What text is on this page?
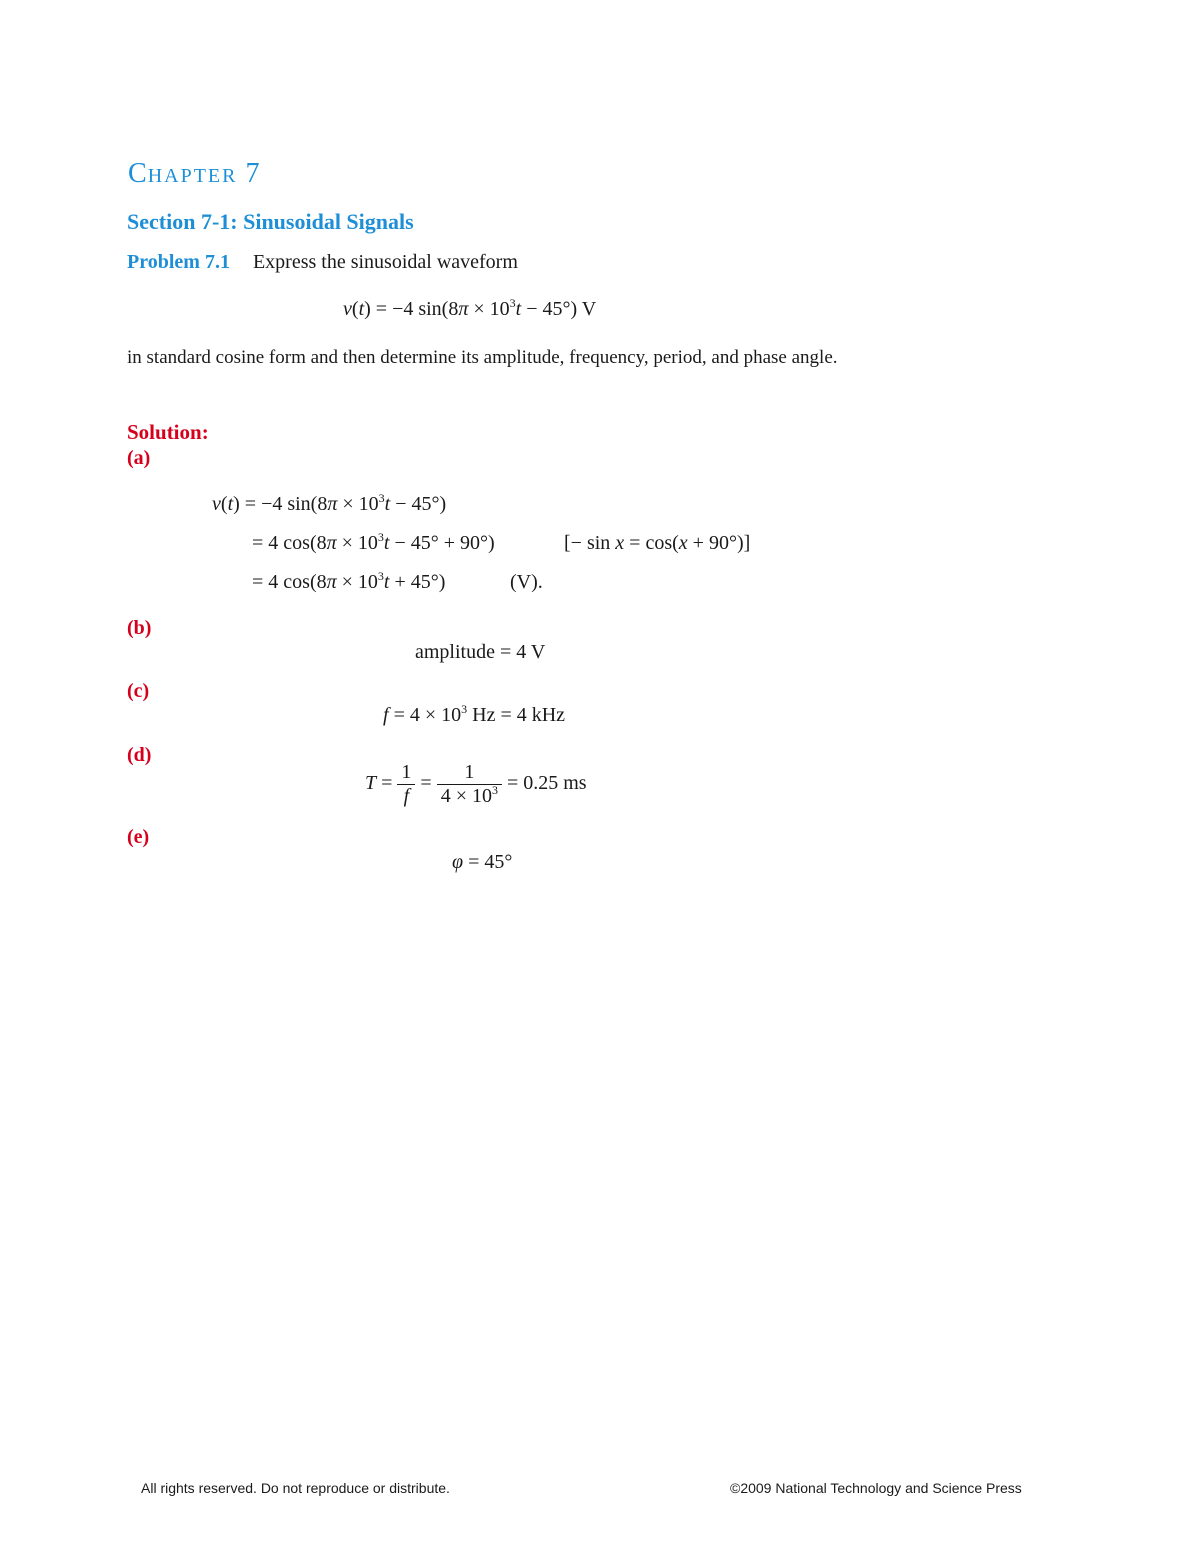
CHAPTER 7
Section 7-1: Sinusoidal Signals
Problem 7.1 Express the sinusoidal waveform
v(t) = −4 $\sin(8\pi \times 10^3t - 45^\circ)$ V
in standard cosine form and then determine its amplitude, frequency, period, and phase angle.
Solution:
(a)
v(t) = −4 $\sin(8\pi \times 10^3t - 45^\circ)$
= 4 $\cos(8\pi \times 10^3t - 45^\circ + 90^\circ)$	[− sin x = cos(x + 90°)]
= 4 $\cos(8\pi \times 10^3t + 45^\circ)$	(V).
(b)
amplitude = 4 V
(c)
$f = 4 \times 10^3$ Hz = 4 kHz
(d)
$T = \frac{1}{f} = \frac{1}{4 \times 10^3} = 0.25$ ms
(e)
φ = 45°
All rights reserved. Do not reproduce or distribute.	©2009 National Technology and Science Press
